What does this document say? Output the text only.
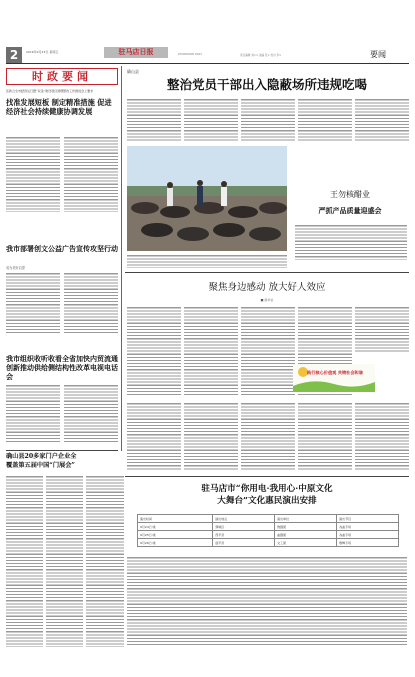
2	2016年9月23日 星期五	驻马店日报	ZHUMADIAN DAILY	责任编辑 刘×× 美编 张× 校对 李×	要闻
时政要闻
张新合全市经济运行暨“双违”建设项目清理整改工作推进会上要求
找准发展短板 制定精准措施 促进经济社会持续健康协调发展
我市部署创文公益广告宣传攻坚行动
成为美好启蒙
我市组织收听收看全省加快内贸流通创新推动供给侧结构性改革电视电话会
确山县20多家门户企业全
覆盖第五届中国“门展会”
确山县
整治党员干部出入隐蔽场所违规吃喝
王勿核醋业
严抓产品质量迎盛会
聚焦身边感动 放大好人效应
■ 新华社
践行核心价值观 共铸社会和谐
驻马店市“你用电·我用心·中原文化
大舞台”文化惠民演出安排
演出时间	演出地点	演出单位	演出节目
9月24日 晚	驿城区	豫剧团	戏曲专场
9月25日 晚	西平县	曲剧团	戏曲专场
9月26日 晚	遂平县	文工团	歌舞专场
